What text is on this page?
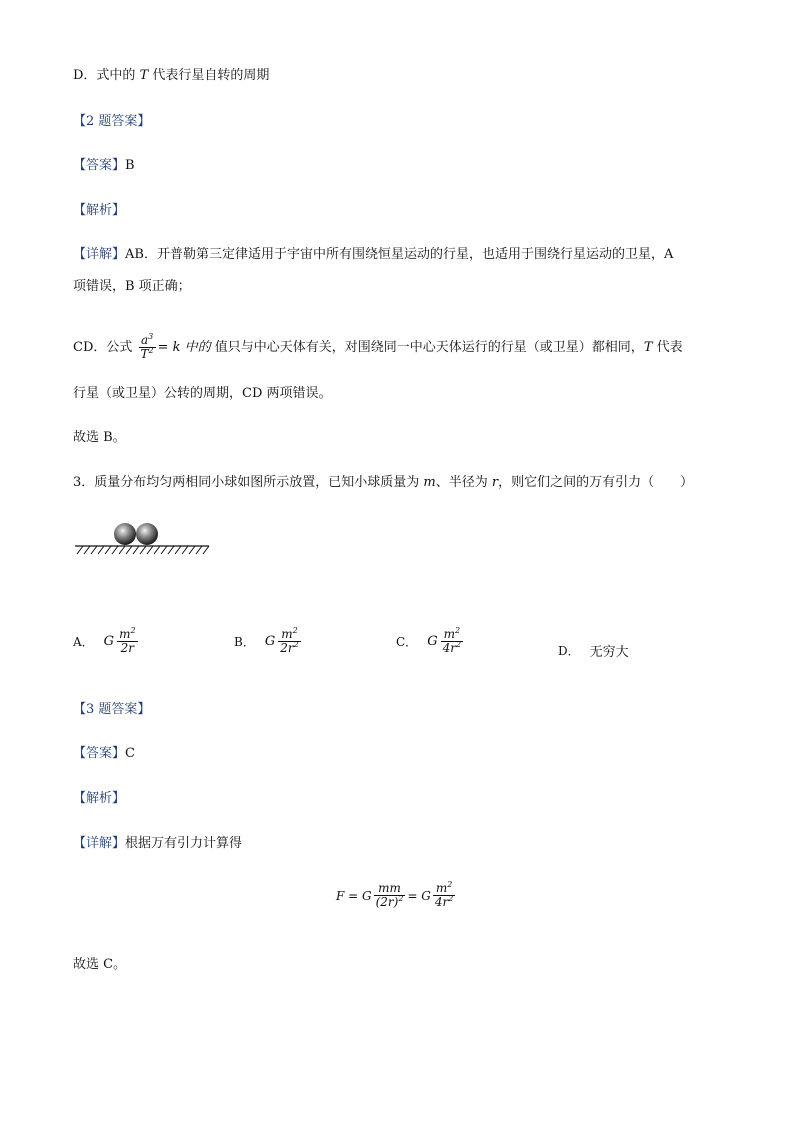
D．式中的 T 代表行星自转的周期
【2 题答案】
【答案】B
【解析】
【详解】AB．开普勒第三定律适用于宇宙中所有围绕恒星运动的行星，也适用于围绕行星运动的卫星，A
项错误，B 项正确；
CD．公式 $\frac{a^3}{T^2} = k$ 中的 值只与中心天体有关，对围绕同一中心天体运行的行星（或卫星）都相同，T 代表
行星（或卫星）公转的周期，CD 两项错误。
故选 B。
3．质量分布均匀两相同小球如图所示放置，已知小球质量为 m、半径为 r，则它们之间的万有引力（　　）
A． G $\frac{m^2}{2r}$	B． G $\frac{m^2}{2r^2}$	C． G $\frac{m^2}{4r^2}$	D． 无穷大
【3 题答案】
【答案】C
【解析】
【详解】根据万有引力计算得
F = G $\frac{mm}{(2r)^2} = G \frac{m^2}{4r^2}$
故选 C。
